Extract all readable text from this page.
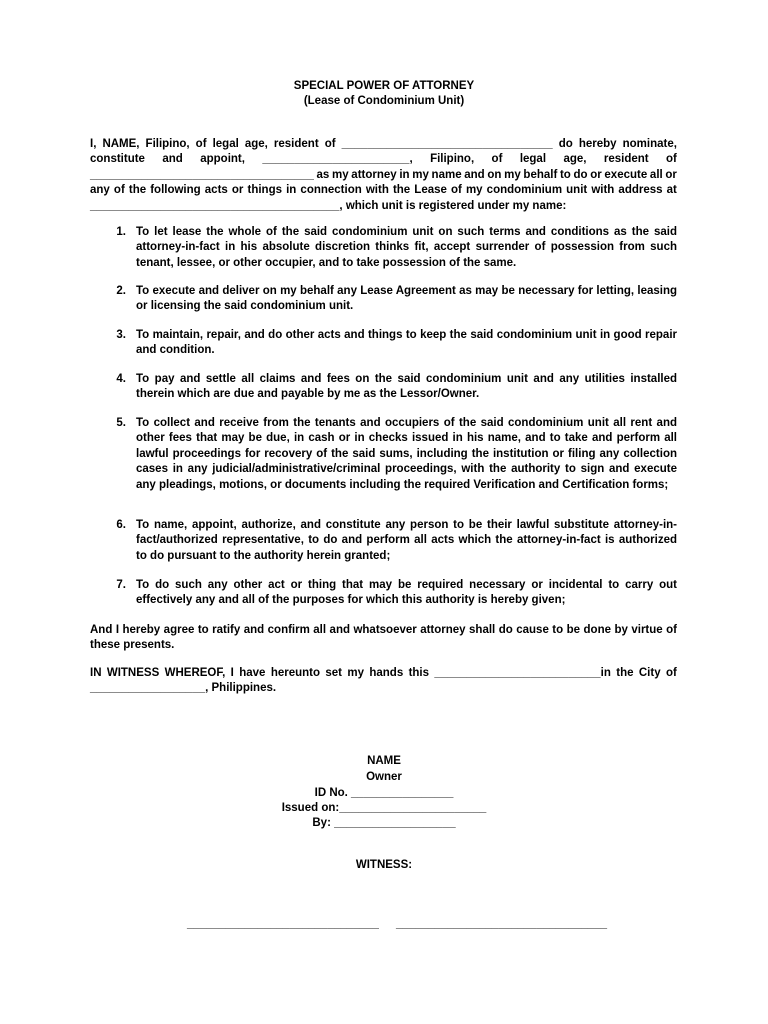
SPECIAL POWER OF ATTORNEY
(Lease of Condominium Unit)
I, NAME, Filipino, of legal age, resident of _________________________________ do hereby nominate,
constitute and appoint, _______________________, Filipino, of legal age, resident of
___________________________________ as my attorney in my name and on my behalf to do or execute all or
any of the following acts or things in connection with the Lease of my condominium unit with address at
_______________________________________, which unit is registered under my name:
1. To let lease the whole of the said condominium unit on such terms and conditions as the said attorney-in-fact in his absolute discretion thinks fit, accept surrender of possession from such tenant, lessee, or other occupier, and to take possession of the same.

2. To execute and deliver on my behalf any Lease Agreement as may be necessary for letting, leasing or licensing the said condominium unit.

3. To maintain, repair, and do other acts and things to keep the said condominium unit in good repair and condition.

4. To pay and settle all claims and fees on the said condominium unit and any utilities installed therein which are due and payable by me as the Lessor/Owner.

5. To collect and receive from the tenants and occupiers of the said condominium unit all rent and other fees that may be due, in cash or in checks issued in his name, and to take and perform all lawful proceedings for recovery of the said sums, including the institution or filing any collection cases in any judicial/administrative/criminal proceedings, with the authority to sign and execute any pleadings, motions, or documents including the required Verification and Certification forms;

6. To name, appoint, authorize, and constitute any person to be their lawful substitute attorney-in-fact/authorized representative, to do and perform all acts which the attorney-in-fact is authorized to do pursuant to the authority herein granted;

7. To do such any other act or thing that may be required necessary or incidental to carry out effectively any and all of the purposes for which this authority is hereby given;

And I hereby agree to ratify and confirm all and whatsoever attorney shall do cause to be done by virtue of these presents.

IN WITNESS WHEREOF, I have hereunto set my hands this __________________________in the City of
__________________, Philippines.
NAME
Owner
ID No. ________________
Issued on:_______________________
By: ___________________
WITNESS:
______________________________ _________________________________
